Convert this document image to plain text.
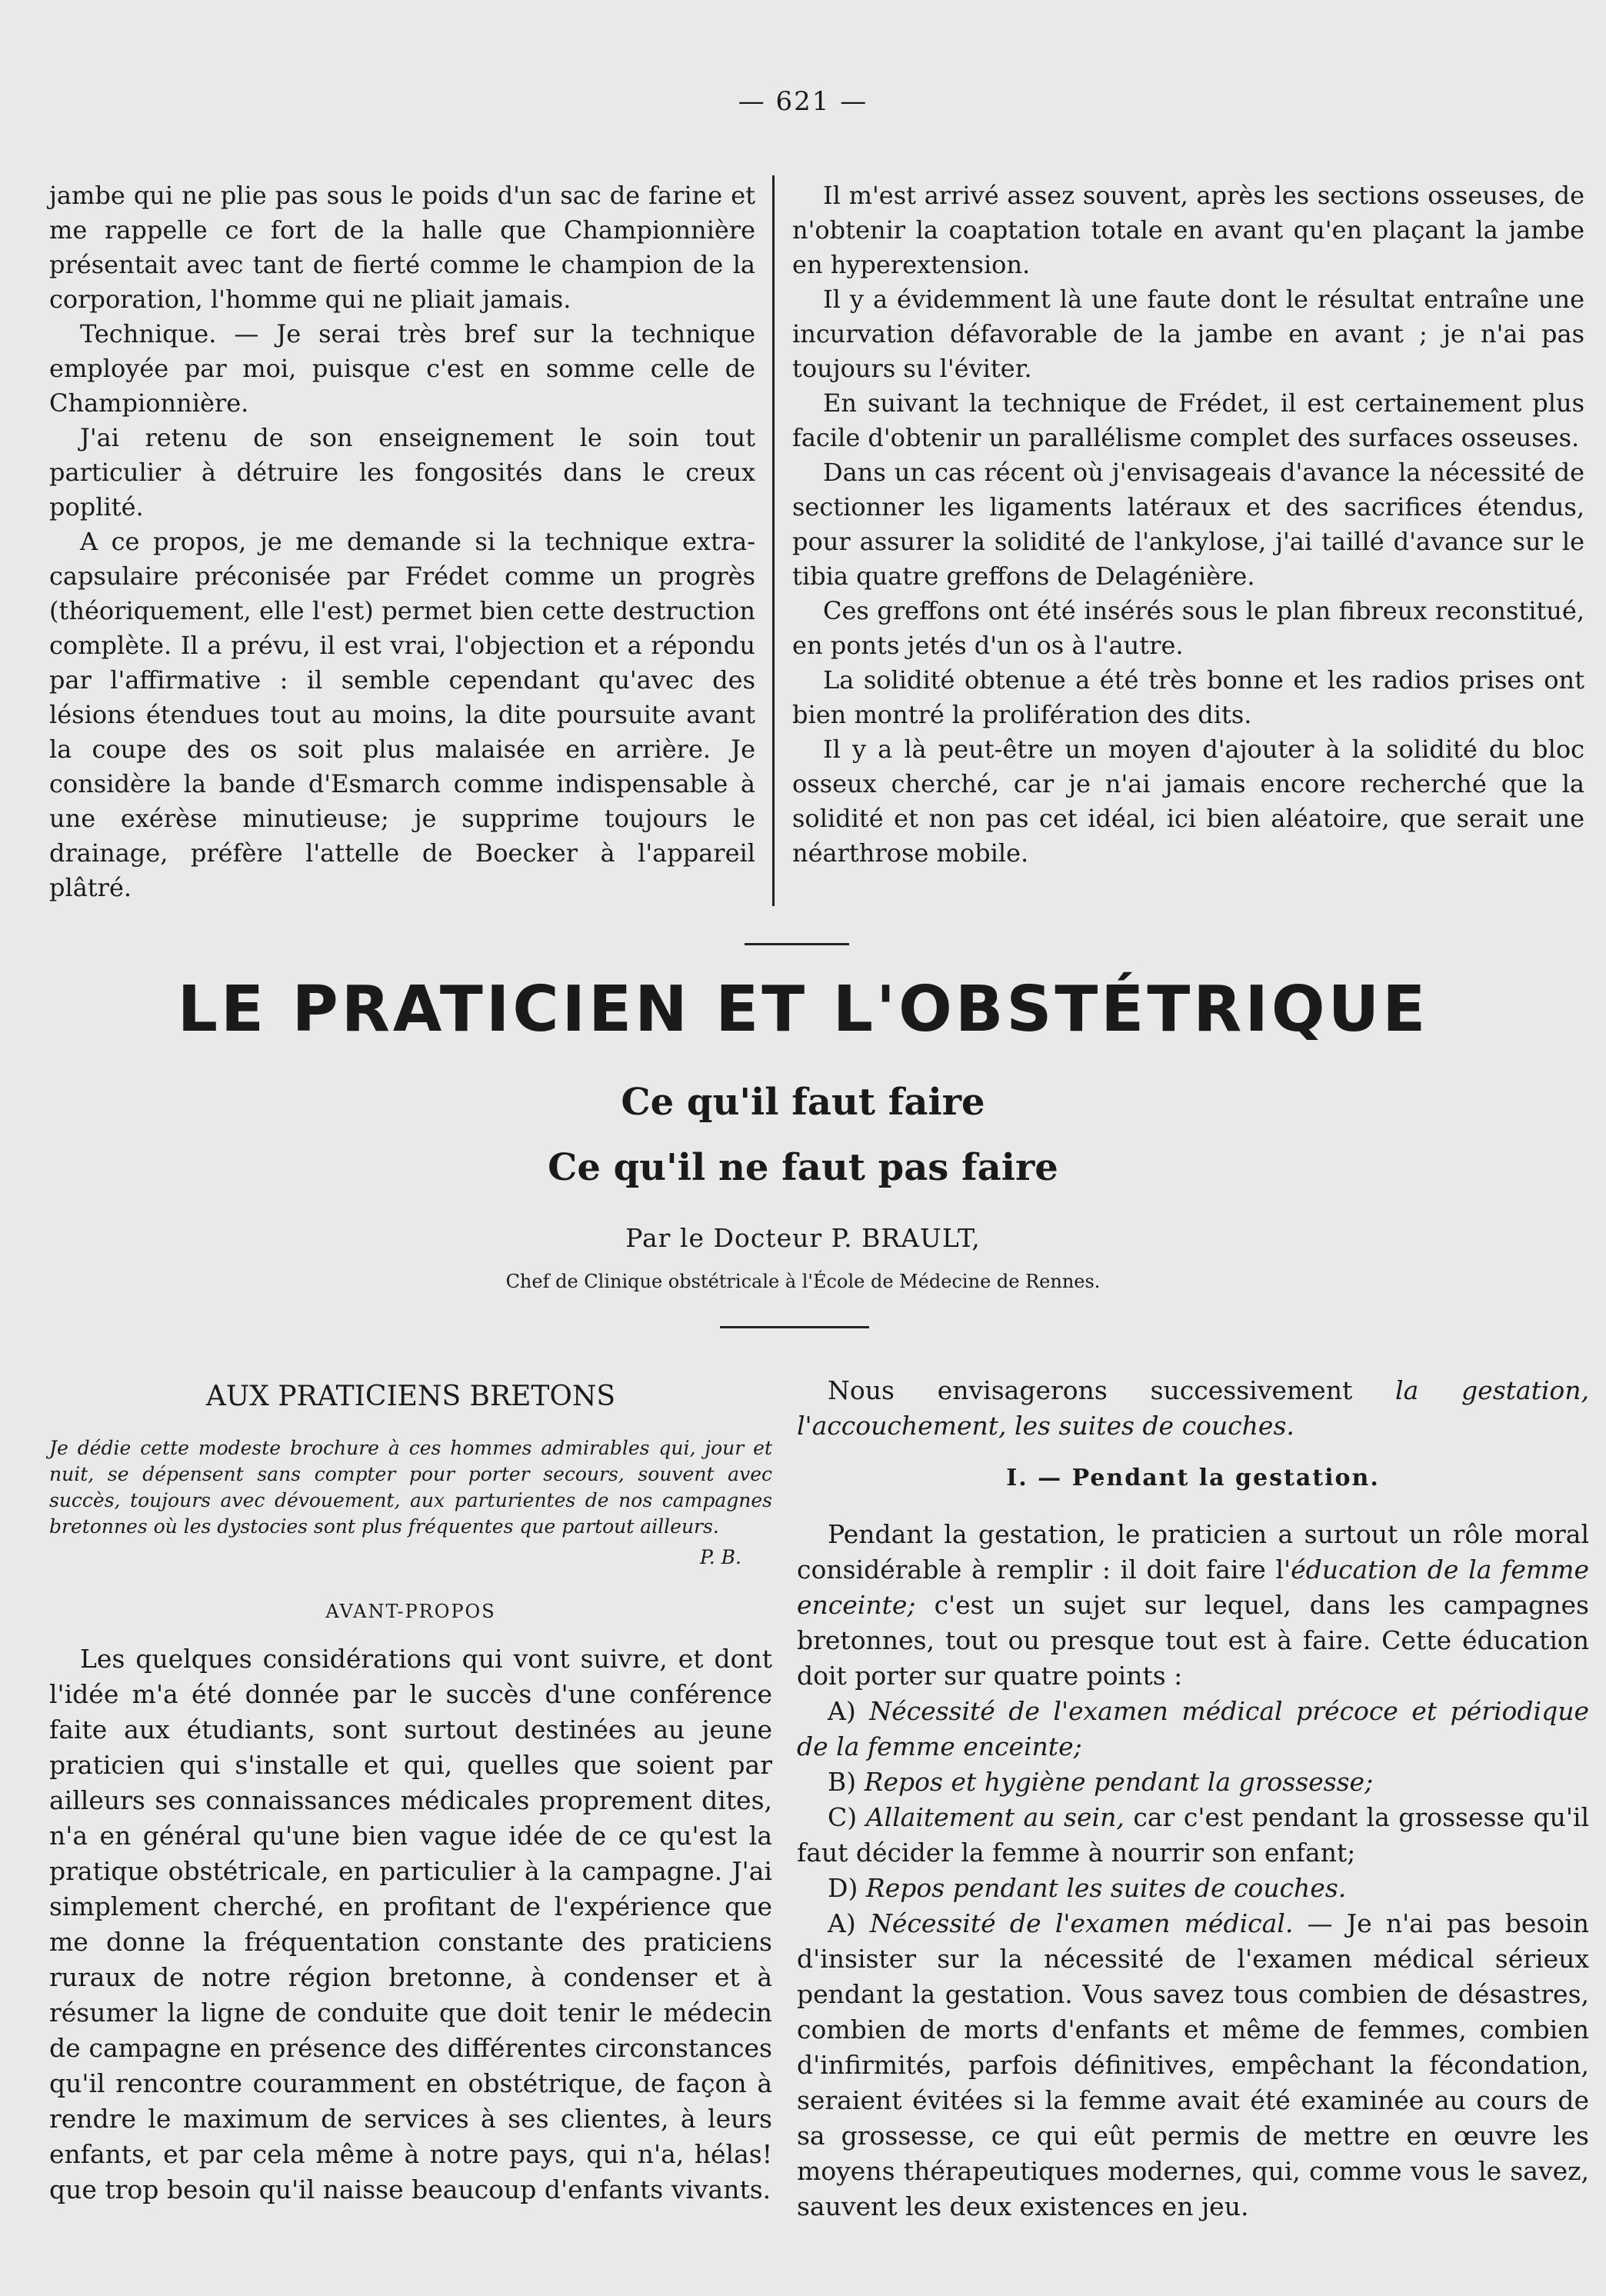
— 621 —

jambe qui ne plie pas sous le poids d'un sac de farine et me rappelle ce fort de la halle que Championnière présentait avec tant de fierté comme le champion de la corporation, l'homme qui ne pliait jamais.

Technique. — Je serai très bref sur la technique employée par moi, puisque c'est en somme celle de Championnière.

J'ai retenu de son enseignement le soin tout particulier à détruire les fongosités dans le creux poplité.

A ce propos, je me demande si la technique extra-capsulaire préconisée par Frédet comme un progrès (théoriquement, elle l'est) permet bien cette destruction complète. Il a prévu, il est vrai, l'objection et a répondu par l'affirmative : il semble cependant qu'avec des lésions étendues tout au moins, la dite poursuite avant la coupe des os soit plus malaisée en arrière. Je considère la bande d'Esmarch comme indispensable à une exérèse minutieuse; je supprime toujours le drainage, préfère l'attelle de Boecker à l'appareil plâtré.

Il m'est arrivé assez souvent, après les sections osseuses, de n'obtenir la coaptation totale en avant qu'en plaçant la jambe en hyperextension.

Il y a évidemment là une faute dont le résultat entraîne une incurvation défavorable de la jambe en avant ; je n'ai pas toujours su l'éviter.

En suivant la technique de Frédet, il est certainement plus facile d'obtenir un parallélisme complet des surfaces osseuses.

Dans un cas récent où j'envisageais d'avance la nécessité de sectionner les ligaments latéraux et des sacrifices étendus, pour assurer la solidité de l'ankylose, j'ai taillé d'avance sur le tibia quatre greffons de Delagénière.

Ces greffons ont été insérés sous le plan fibreux reconstitué, en ponts jetés d'un os à l'autre.

La solidité obtenue a été très bonne et les radios prises ont bien montré la prolifération des dits.

Il y a là peut-être un moyen d'ajouter à la solidité du bloc osseux cherché, car je n'ai jamais encore recherché que la solidité et non pas cet idéal, ici bien aléatoire, que serait une néarthrose mobile.

LE PRATICIEN ET L'OBSTÉTRIQUE
Ce qu'il faut faire
Ce qu'il ne faut pas faire
Par le Docteur P. BRAULT,
Chef de Clinique obstétricale à l'École de Médecine de Rennes.
AUX PRATICIENS BRETONS

Je dédie cette modeste brochure à ces hommes admirables qui, jour et nuit, se dépensent sans compter pour porter secours, souvent avec succès, toujours avec dévouement, aux parturientes de nos campagnes bretonnes où les dystocies sont plus fréquentes que partout ailleurs.

P. B.
AVANT-PROPOS

Les quelques considérations qui vont suivre, et dont l'idée m'a été donnée par le succès d'une conférence faite aux étudiants, sont surtout destinées au jeune praticien qui s'installe et qui, quelles que soient par ailleurs ses connaissances médicales proprement dites, n'a en général qu'une bien vague idée de ce qu'est la pratique obstétricale, en particulier à la campagne. J'ai simplement cherché, en profitant de l'expérience que me donne la fréquentation constante des praticiens ruraux de notre région bretonne, à condenser et à résumer la ligne de conduite que doit tenir le médecin de campagne en présence des différentes circonstances qu'il rencontre couramment en obstétrique, de façon à rendre le maximum de services à ses clientes, à leurs enfants, et par cela même à notre pays, qui n'a, hélas! que trop besoin qu'il naisse beaucoup d'enfants vivants.

Nous envisagerons successivement la gestation, l'accouchement, les suites de couches.

I. — Pendant la gestation.

Pendant la gestation, le praticien a surtout un rôle moral considérable à remplir : il doit faire l'éducation de la femme enceinte; c'est un sujet sur lequel, dans les campagnes bretonnes, tout ou presque tout est à faire. Cette éducation doit porter sur quatre points :

A) Nécessité de l'examen médical précoce et périodique de la femme enceinte;

B) Repos et hygiène pendant la grossesse;

C) Allaitement au sein, car c'est pendant la grossesse qu'il faut décider la femme à nourrir son enfant;

D) Repos pendant les suites de couches.

A) Nécessité de l'examen médical. — Je n'ai pas besoin d'insister sur la nécessité de l'examen médical sérieux pendant la gestation. Vous savez tous combien de désastres, combien de morts d'enfants et même de femmes, combien d'infirmités, parfois définitives, empêchant la fécondation, seraient évitées si la femme avait été examinée au cours de sa grossesse, ce qui eût permis de mettre en œuvre les moyens thérapeutiques modernes, qui, comme vous le savez, sauvent les deux existences en jeu.
